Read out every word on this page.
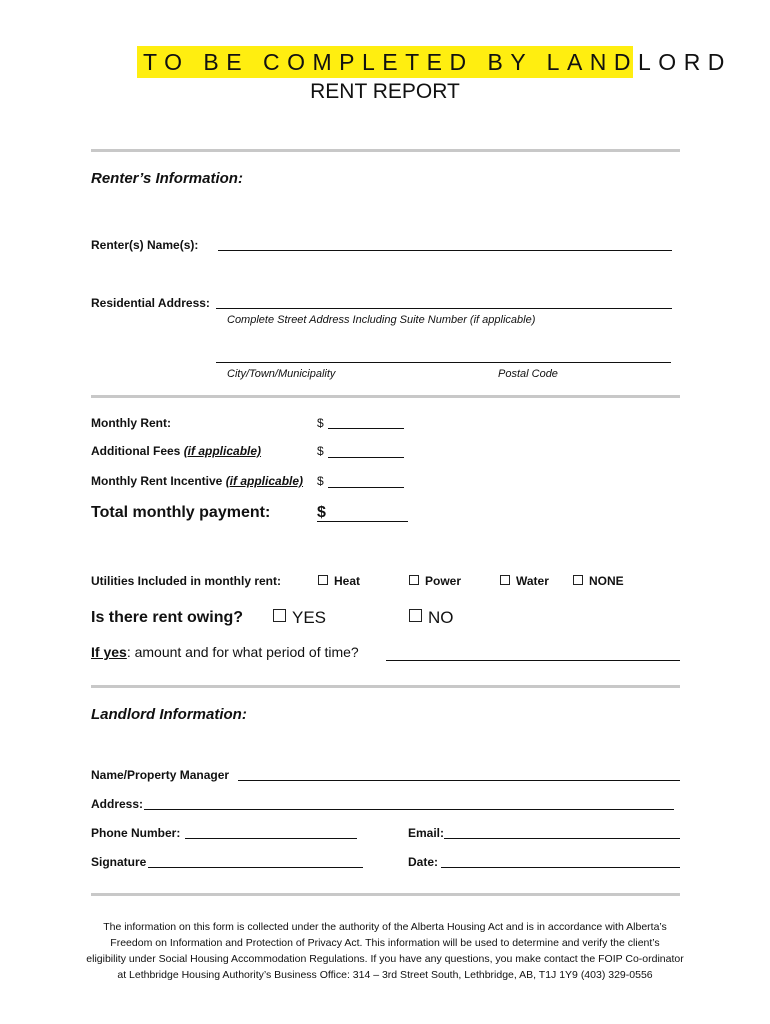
TO BE COMPLETED BY LANDLORD
RENT REPORT
Renter’s Information:
Renter(s) Name(s):
Residential Address:
Complete Street Address Including Suite Number (if applicable)
City/Town/Municipality	Postal Code
Monthly Rent:	$
Additional Fees (if applicable)	$
Monthly Rent Incentive (if applicable) $
Total monthly payment:	$
Utilities Included in monthly rent:	Heat	Power	Water	NONE
Is there rent owing?	YES	NO
If yes: amount and for what period of time?
Landlord Information:
Name/Property Manager
Address:
Phone Number:	Email:
Signature	Date:
The information on this form is collected under the authority of the Alberta Housing Act and is in accordance with Alberta’s
Freedom on Information and Protection of Privacy Act. This information will be used to determine and verify the client’s
eligibility under Social Housing Accommodation Regulations. If you have any questions, you make contact the FOIP Co-ordinator
at Lethbridge Housing Authority’s Business Office: 314 – 3rd Street South, Lethbridge, AB, T1J 1Y9 (403) 329-0556
